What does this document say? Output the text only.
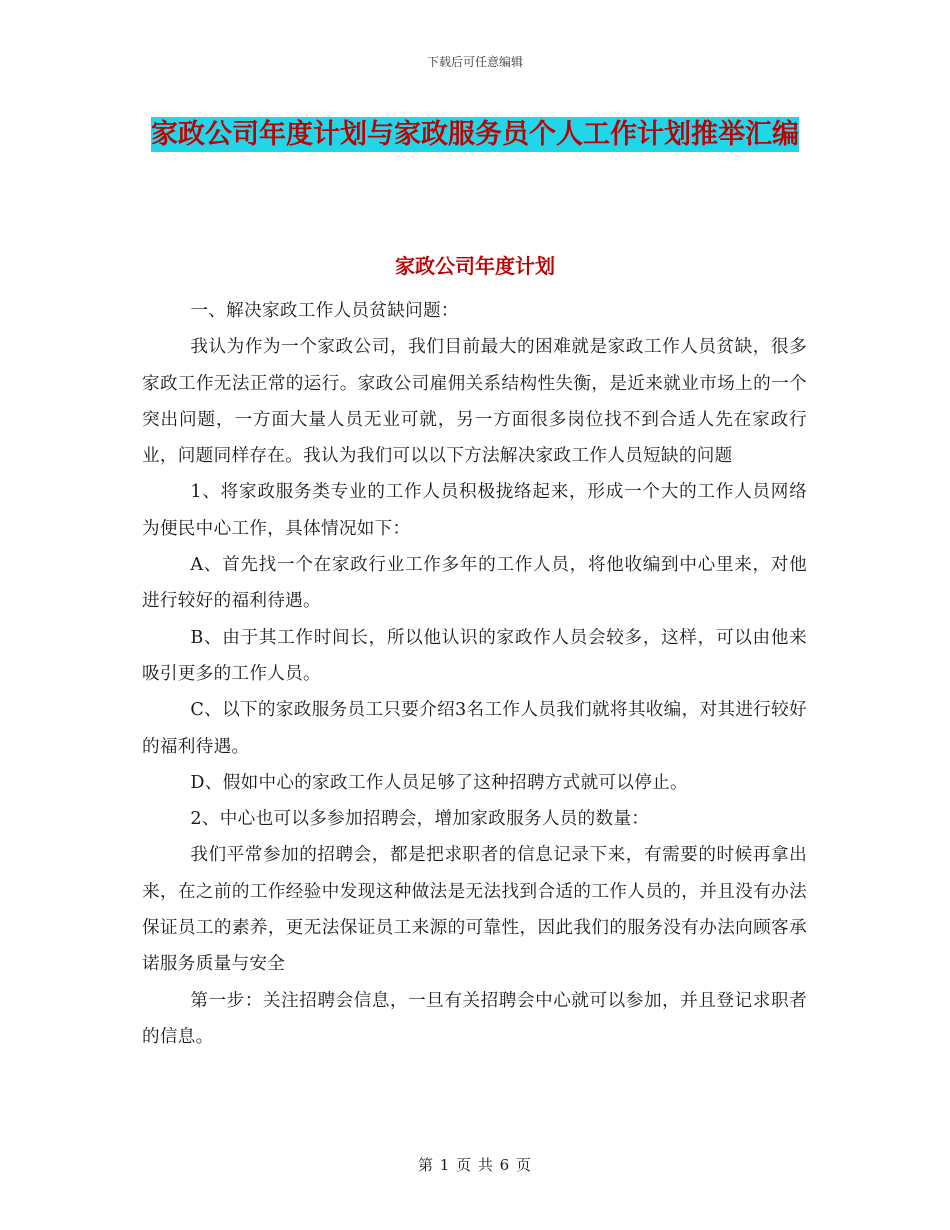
下载后可任意编辑
家政公司年度计划与家政服务员个人工作计划推举汇编
家政公司年度计划

一、解决家政工作人员贫缺问题：

我认为作为一个家政公司，我们目前最大的困难就是家政工作人员贫缺，很多家政工作无法正常的运行。家政公司雇佣关系结构性失衡，是近来就业市场上的一个突出问题，一方面大量人员无业可就，另一方面很多岗位找不到合适人先在家政行业，问题同样存在。我认为我们可以以下方法解决家政工作人员短缺的问题

1、将家政服务类专业的工作人员积极拢络起来，形成一个大的工作人员网络为便民中心工作，具体情况如下：

A、首先找一个在家政行业工作多年的工作人员，将他收编到中心里来，对他进行较好的福利待遇。

B、由于其工作时间长，所以他认识的家政作人员会较多，这样，可以由他来吸引更多的工作人员。

C、以下的家政服务员工只要介绍3名工作人员我们就将其收编，对其进行较好的福利待遇。

D、假如中心的家政工作人员足够了这种招聘方式就可以停止。

2、中心也可以多参加招聘会，增加家政服务人员的数量：

我们平常参加的招聘会，都是把求职者的信息记录下来，有需要的时候再拿出来，在之前的工作经验中发现这种做法是无法找到合适的工作人员的，并且没有办法保证员工的素养，更无法保证员工来源的可靠性，因此我们的服务没有办法向顾客承诺服务质量与安全

第一步：关注招聘会信息，一旦有关招聘会中心就可以参加，并且登记求职者的信息。

第 1 页 共 6 页
